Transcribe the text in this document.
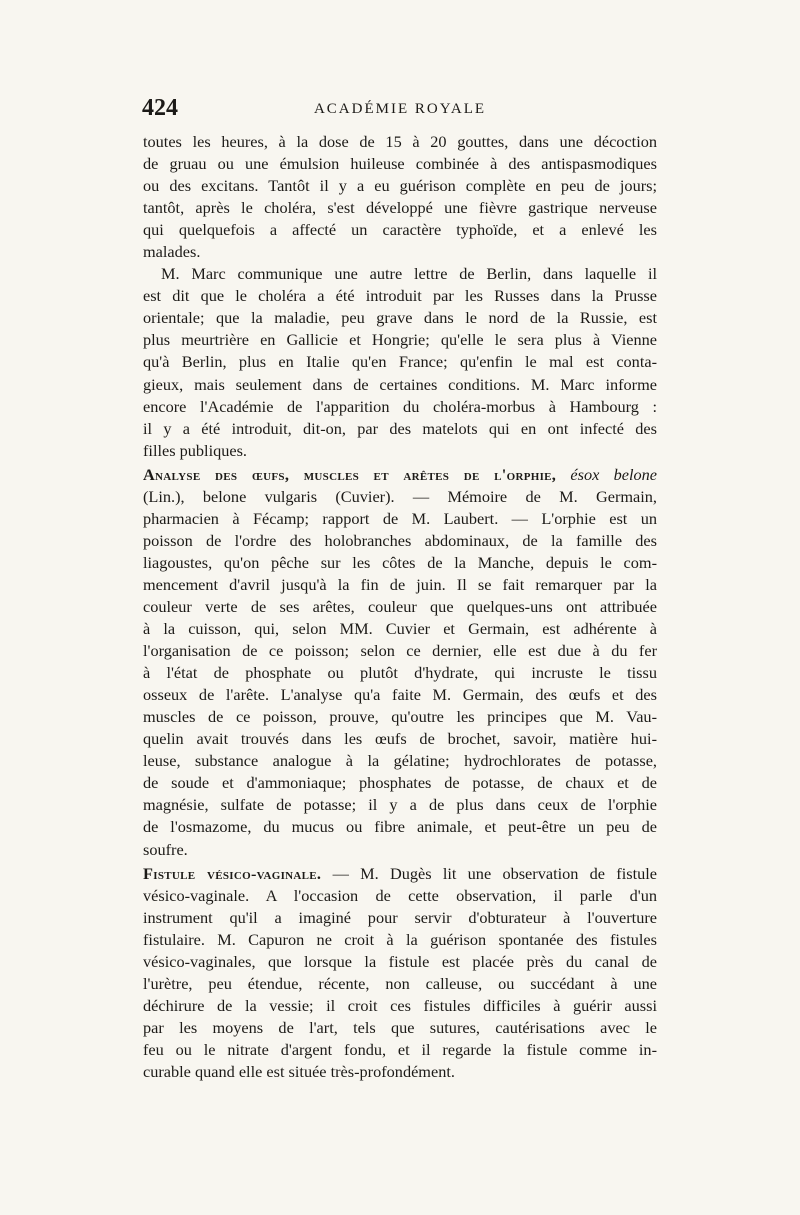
424	ACADÉMIE ROYALE
toutes les heures, à la dose de 15 à 20 gouttes, dans une décoction
de gruau ou une émulsion huileuse combinée à des antispasmodiques
ou des excitans. Tantôt il y a eu guérison complète en peu de jours;
tantôt, après le choléra, s'est développé une fièvre gastrique nerveuse
qui quelquefois a affecté un caractère typhoïde, et a enlevé les
malades.
M. Marc communique une autre lettre de Berlin, dans laquelle il
est dit que le choléra a été introduit par les Russes dans la Prusse
orientale; que la maladie, peu grave dans le nord de la Russie, est
plus meurtrière en Gallicie et Hongrie; qu'elle le sera plus à Vienne
qu'à Berlin, plus en Italie qu'en France; qu'enfin le mal est conta-
gieux, mais seulement dans de certaines conditions. M. Marc informe
encore l'Académie de l'apparition du choléra-morbus à Hambourg :
il y a été introduit, dit-on, par des matelots qui en ont infecté des
filles publiques.
Analyse des œufs, muscles et arêtes de l'orphie, ésox belone
(Lin.), belone vulgaris (Cuvier). — Mémoire de M. Germain,
pharmacien à Fécamp; rapport de M. Laubert. — L'orphie est un
poisson de l'ordre des holobranches abdominaux, de la famille des
liagoustes, qu'on pêche sur les côtes de la Manche, depuis le com-
mencement d'avril jusqu'à la fin de juin. Il se fait remarquer par la
couleur verte de ses arêtes, couleur que quelques-uns ont attribuée
à la cuisson, qui, selon MM. Cuvier et Germain, est adhérente à
l'organisation de ce poisson; selon ce dernier, elle est due à du fer
à l'état de phosphate ou plutôt d'hydrate, qui incruste le tissu
osseux de l'arête. L'analyse qu'a faite M. Germain, des œufs et des
muscles de ce poisson, prouve, qu'outre les principes que M. Vau-
quelin avait trouvés dans les œufs de brochet, savoir, matière hui-
leuse, substance analogue à la gélatine; hydrochlorates de potasse,
de soude et d'ammoniaque; phosphates de potasse, de chaux et de
magnésie, sulfate de potasse; il y a de plus dans ceux de l'orphie
de l'osmazome, du mucus ou fibre animale, et peut-être un peu de
soufre.
Fistule vésico-vaginale. — M. Dugès lit une observation de fistule
vésico-vaginale. A l'occasion de cette observation, il parle d'un
instrument qu'il a imaginé pour servir d'obturateur à l'ouverture
fistulaire. M. Capuron ne croit à la guérison spontanée des fistules
vésico-vaginales, que lorsque la fistule est placée près du canal de
l'urètre, peu étendue, récente, non calleuse, ou succédant à une
déchirure de la vessie; il croit ces fistules difficiles à guérir aussi
par les moyens de l'art, tels que sutures, cautérisations avec le
feu ou le nitrate d'argent fondu, et il regarde la fistule comme in-
curable quand elle est située très-profondément.
